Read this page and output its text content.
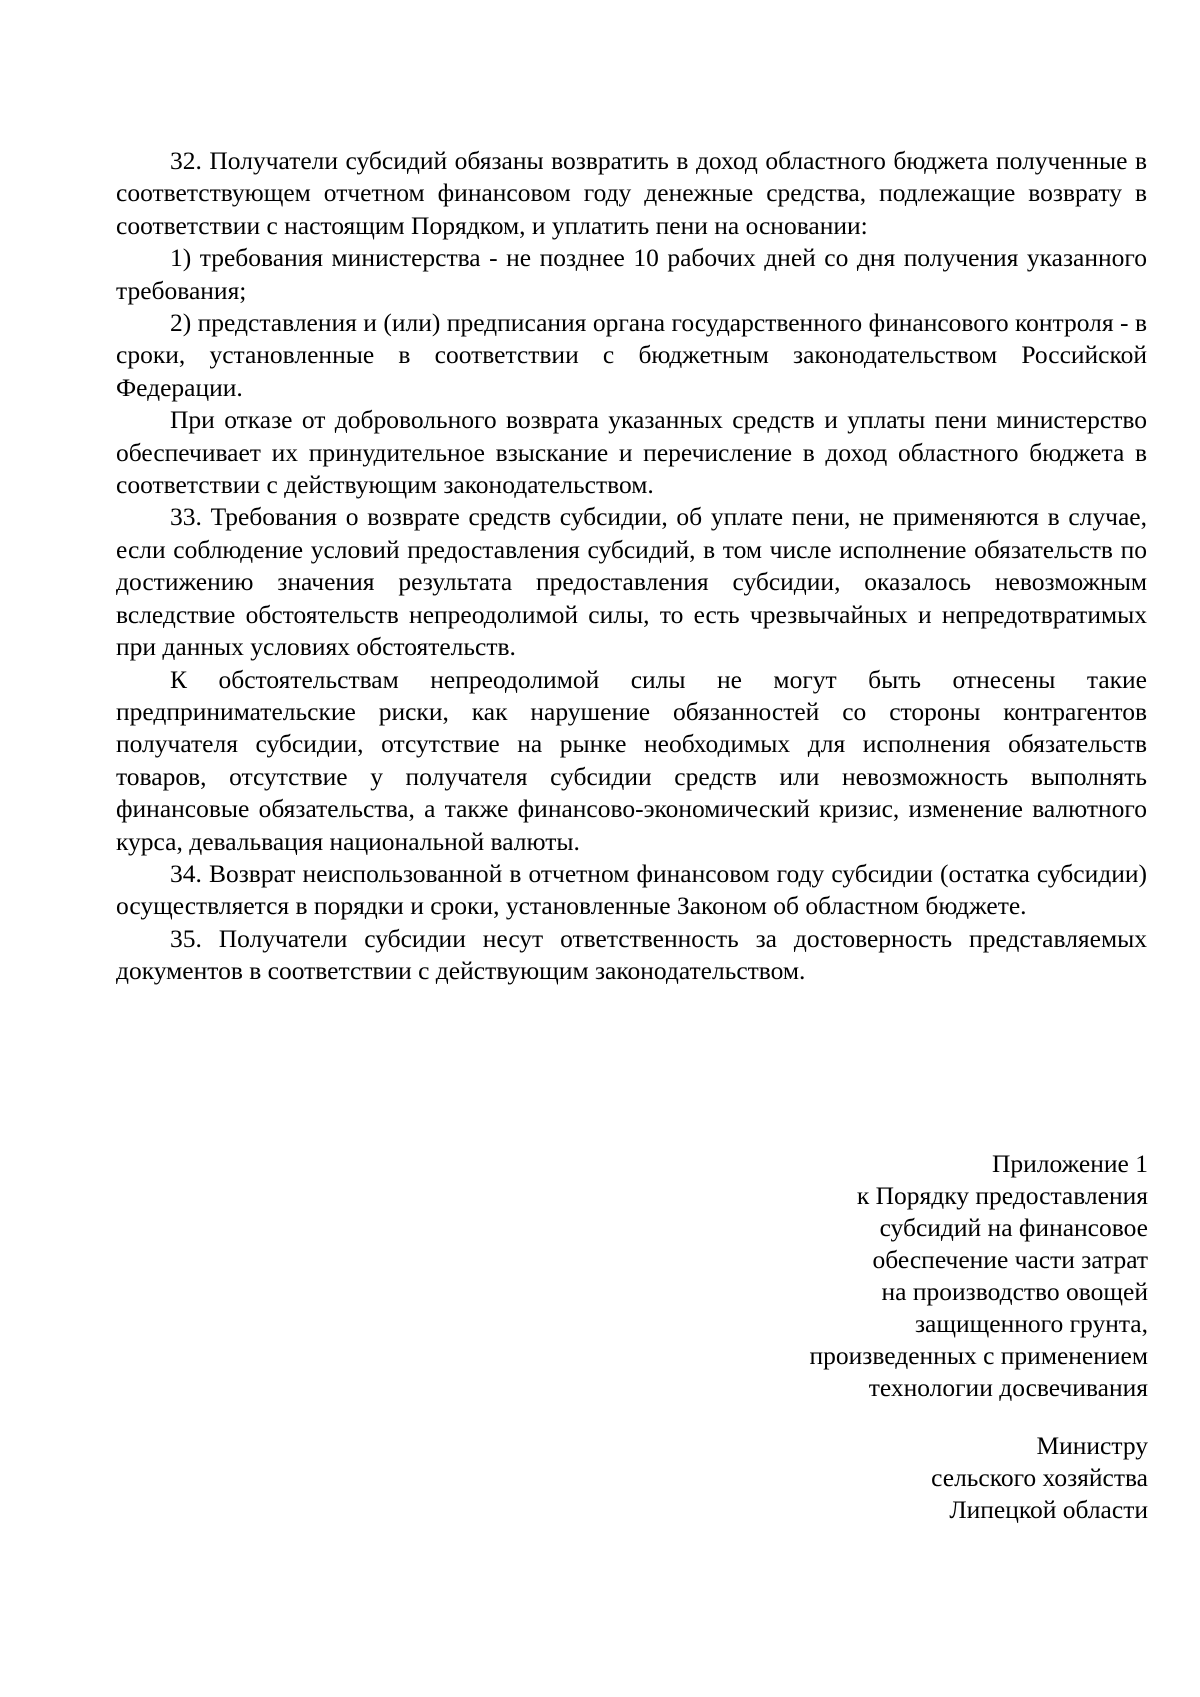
32. Получатели субсидий обязаны возвратить в доход областного бюджета полученные в соответствующем отчетном финансовом году денежные средства, подлежащие возврату в соответствии с настоящим Порядком, и уплатить пени на основании:

1) требования министерства - не позднее 10 рабочих дней со дня получения указанного требования;

2) представления и (или) предписания органа государственного финансового контроля - в сроки, установленные в соответствии с бюджетным законодательством Российской Федерации.

При отказе от добровольного возврата указанных средств и уплаты пени министерство обеспечивает их принудительное взыскание и перечисление в доход областного бюджета в соответствии с действующим законодательством.

33. Требования о возврате средств субсидии, об уплате пени, не применяются в случае, если соблюдение условий предоставления субсидий, в том числе исполнение обязательств по достижению значения результата предоставления субсидии, оказалось невозможным вследствие обстоятельств непреодолимой силы, то есть чрезвычайных и непредотвратимых при данных условиях обстоятельств.

К обстоятельствам непреодолимой силы не могут быть отнесены такие предпринимательские риски, как нарушение обязанностей со стороны контрагентов получателя субсидии, отсутствие на рынке необходимых для исполнения обязательств товаров, отсутствие у получателя субсидии средств или невозможность выполнять финансовые обязательства, а также финансово-экономический кризис, изменение валютного курса, девальвация национальной валюты.

34. Возврат неиспользованной в отчетном финансовом году субсидии (остатка субсидии) осуществляется в порядки и сроки, установленные Законом об областном бюджете.

35. Получатели субсидии несут ответственность за достоверность представляемых документов в соответствии с действующим законодательством.

Приложение 1
к Порядку предоставления
субсидий на финансовое
обеспечение части затрат
на производство овощей
защищенного грунта,
произведенных с применением
технологии досвечивания
Министру
сельского хозяйства
Липецкой области
